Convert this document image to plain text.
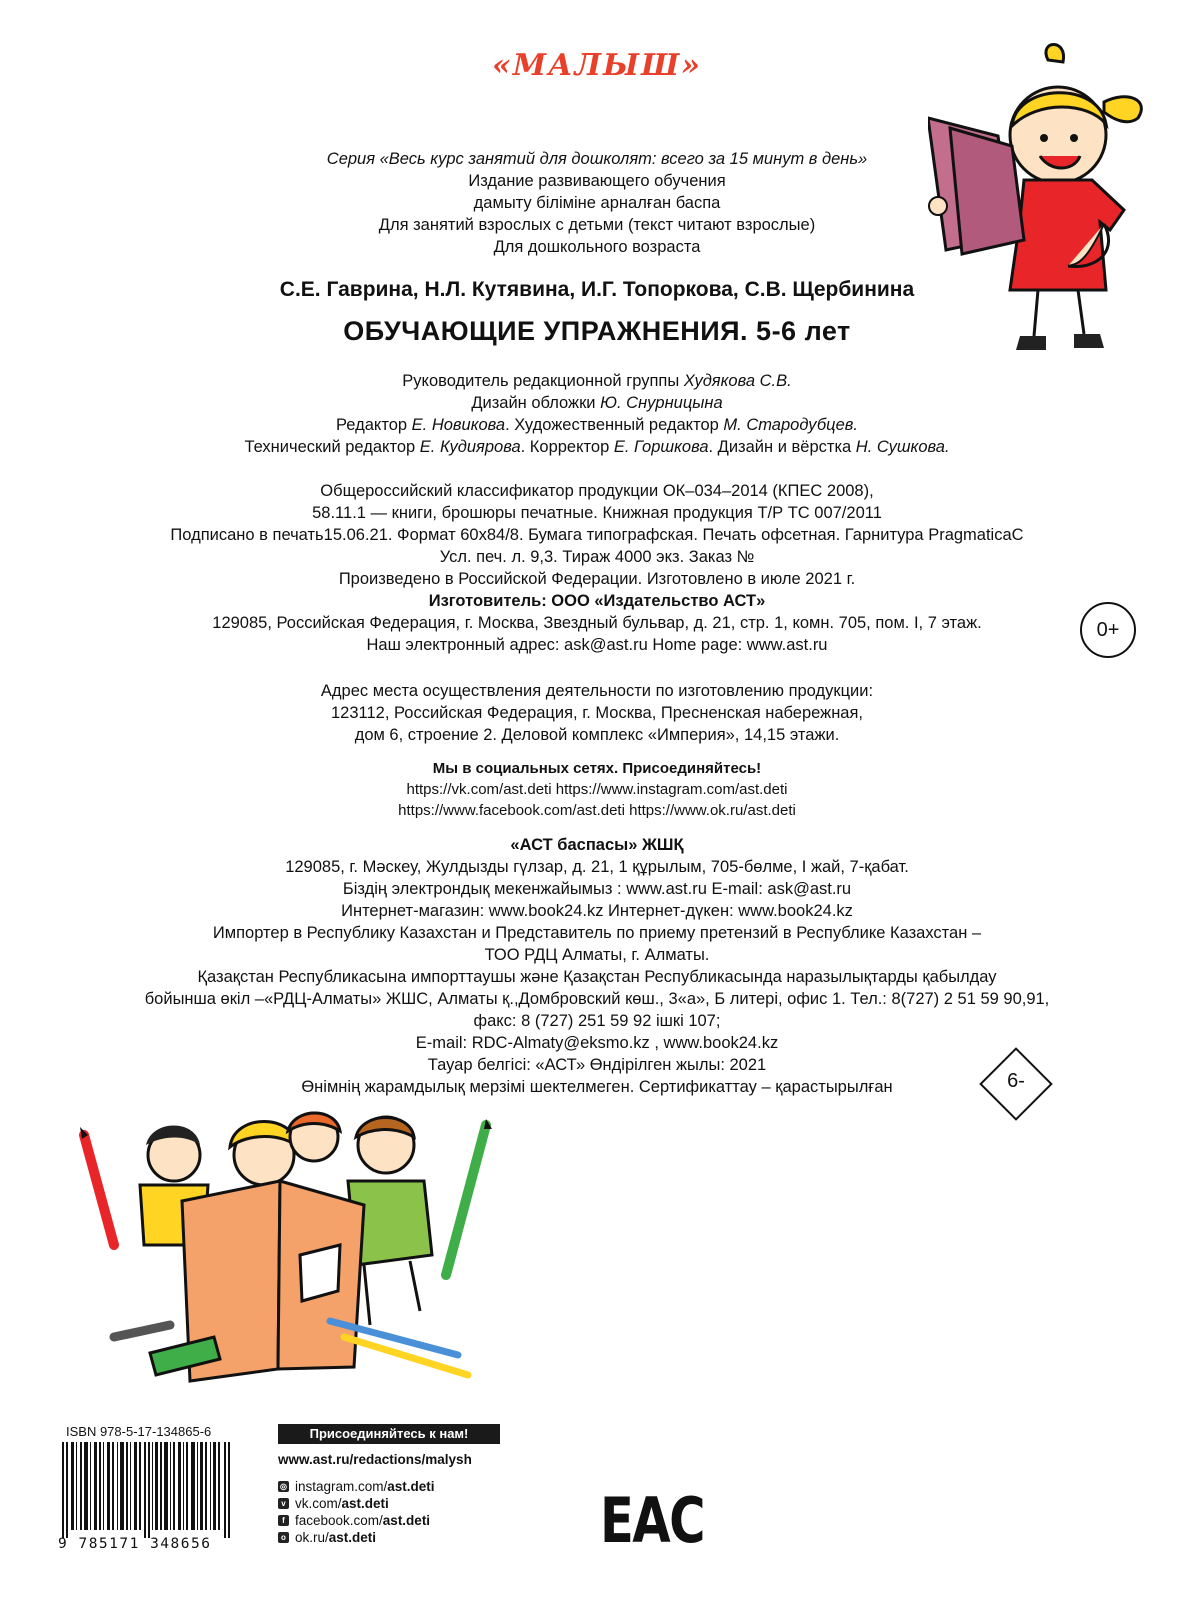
«МАЛЫШ»
Серия «Весь курс занятий для дошколят: всего за 15 минут в день»
Издание развивающего обучения
дамыту біліміне арналған баспа
Для занятий взрослых с детьми (текст читают взрослые)
Для дошкольного возраста
С.Е. Гаврина, Н.Л. Кутявина, И.Г. Топоркова, С.В. Щербинина
ОБУЧАЮЩИЕ УПРАЖНЕНИЯ. 5-6 лет
Руководитель редакционной группы Худякова С.В.
Дизайн обложки Ю. Снурницына
Редактор Е. Новикова. Художественный редактор М. Стародубцев.
Технический редактор Е. Кудиярова. Корректор Е. Горшкова. Дизайн и вёрстка Н. Сушкова.
Общероссийский классификатор продукции ОК–034–2014 (КПЕС 2008),
58.11.1 — книги, брошюры печатные. Книжная продукция Т/Р ТС 007/2011
Подписано в печать15.06.21. Формат 60х84/8. Бумага типографская. Печать офсетная. Гарнитура PragmaticaC
Усл. печ. л. 9,3. Тираж 4000 экз. Заказ №
Произведено в Российской Федерации. Изготовлено в июле 2021 г.
Изготовитель: ООО «Издательство АСТ»
129085, Российская Федерация, г. Москва, Звездный бульвар, д. 21, стр. 1, комн. 705, пом. I, 7 этаж.
Наш электронный адрес: ask@ast.ru Home page: www.ast.ru
0+
Адрес места осуществления деятельности по изготовлению продукции:
123112, Российская Федерация, г. Москва, Пресненская набережная,
дом 6, строение 2. Деловой комплекс «Империя», 14,15 этажи.
Мы в социальных сетях. Присоединяйтесь!
https://vk.com/ast.deti https://www.instagram.com/ast.deti
https://www.facebook.com/ast.deti https://www.ok.ru/ast.deti
«АСТ баспасы» ЖШҚ
129085, г. Мәскеу, Жулдызды гүлзар, д. 21, 1 құрылым, 705-бөлме, I жай, 7-қабат.
Біздің электрондық мекенжайымыз : www.ast.ru E-mail: ask@ast.ru
Интернет-магазин: www.book24.kz Интернет-дүкен: www.book24.kz
Импортер в Республику Казахстан и Представитель по приему претензий в Республике Казахстан –
ТОО РДЦ Алматы, г. Алматы.
Қазақстан Республикасына импорттаушы және Қазақстан Республикасында наразылықтарды қабылдау
бойынша өкіл –«РДЦ-Алматы» ЖШС, Алматы қ.,Домбровский көш., 3«а», Б литері, офис 1. Тел.: 8(727) 2 51 59 90,91,
факс: 8 (727) 251 59 92 ішкі 107;
E-mail: RDC-Almaty@eksmo.kz , www.book24.kz
Тауар белгісі: «АСТ» Өндірілген жылы: 2021
Өнімнің жарамдылық мерзімі шектелмеген. Сертификаттау – қарастырылған	6-
ISBN 978-5-17-134865-6
9 785171 348656
Присоединяйтесь к нам!
www.ast.ru/redactions/malysh
◎ instagram.com/ast.deti
v vk.com/ast.deti
f facebook.com/ast.deti
o ok.ru/ast.deti	EAC
